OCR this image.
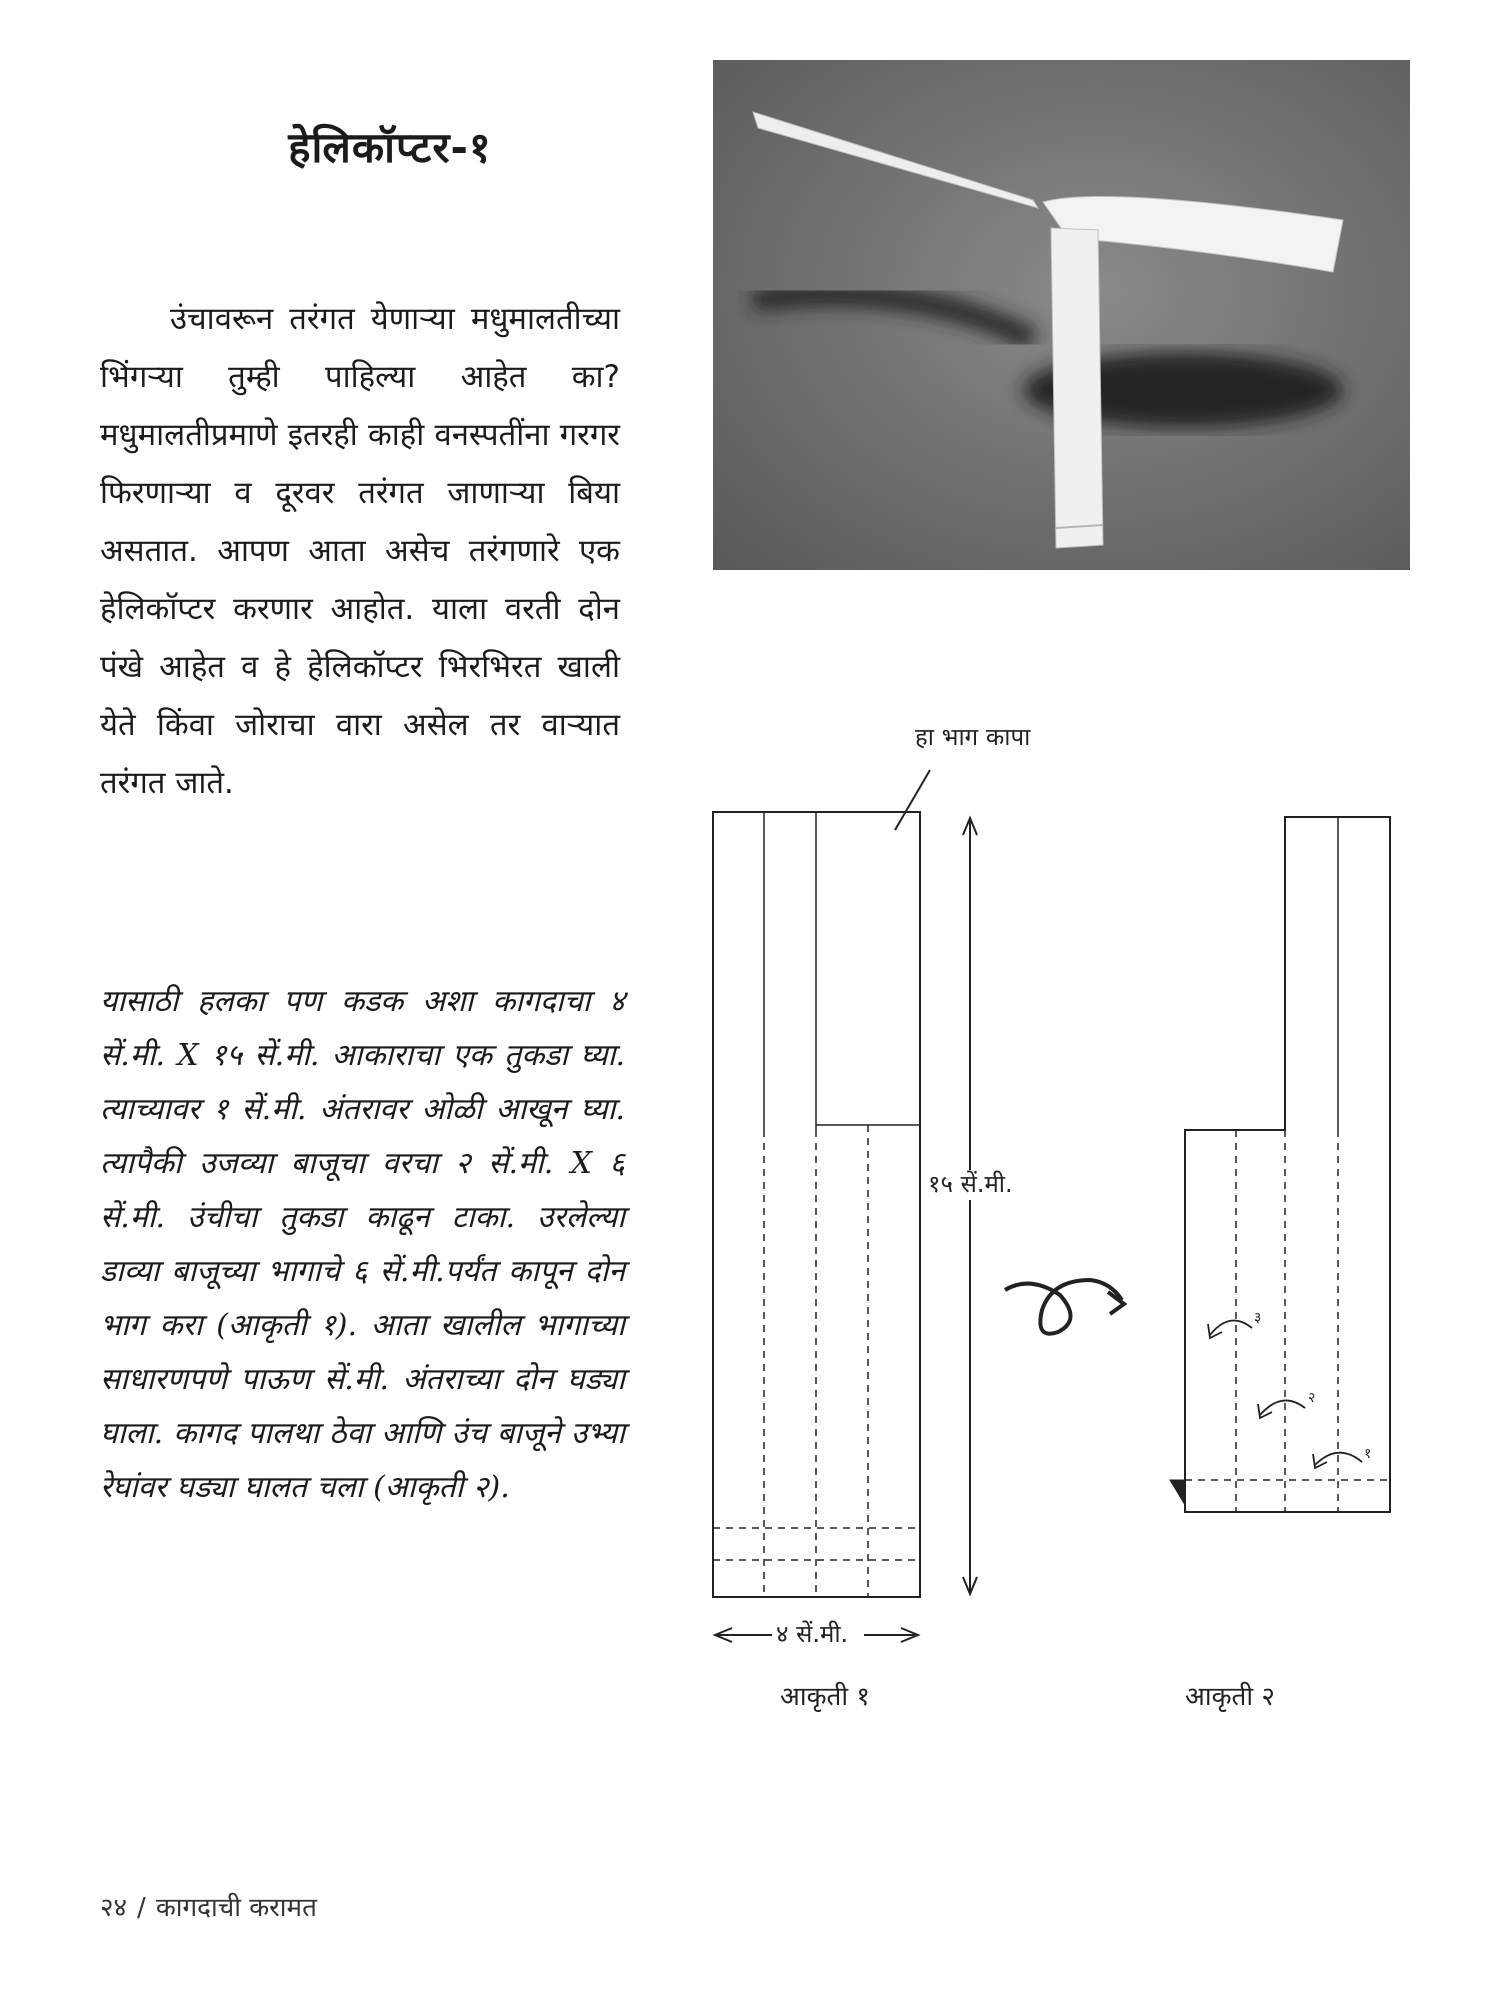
हेलिकॉप्टर-१
उंचावरून तरंगत येणाऱ्या मधुमालतीच्या भिंगऱ्या तुम्ही पाहिल्या आहेत का? मधुमालतीप्रमाणे इतरही काही वनस्पतींना गरगर फिरणाऱ्या व दूरवर तरंगत जाणाऱ्या बिया असतात. आपण आता असेच तरंगणारे एक हेलिकॉप्टर करणार आहोत. याला वरती दोन पंखे आहेत व हे हेलिकॉप्टर भिरभिरत खाली येते किंवा जोराचा वारा असेल तर वाऱ्यात तरंगत जाते.
यासाठी हलका पण कडक अशा कागदाचा ४ सें.मी. X १५ सें.मी. आकाराचा एक तुकडा घ्या. त्याच्यावर १ सें.मी. अंतरावर ओळी आखून घ्या. त्यापैकी उजव्या बाजूचा वरचा २ सें.मी. X ६ सें.मी. उंचीचा तुकडा काढून टाका. उरलेल्या डाव्या बाजूच्या भागाचे ६ सें.मी.पर्यंत कापून दोन भाग करा (आकृती १). आता खालील भागाच्या साधारणपणे पाऊण सें.मी. अंतराच्या दोन घड्या घाला. कागद पालथा ठेवा आणि उंच बाजूने उभ्या रेघांवर घड्या घालत चला (आकृती २).
हा भाग कापा
१५ सें.मी.
४ सें.मी.
३
२
१
आकृती १	आकृती २
२४ / कागदाची करामत
